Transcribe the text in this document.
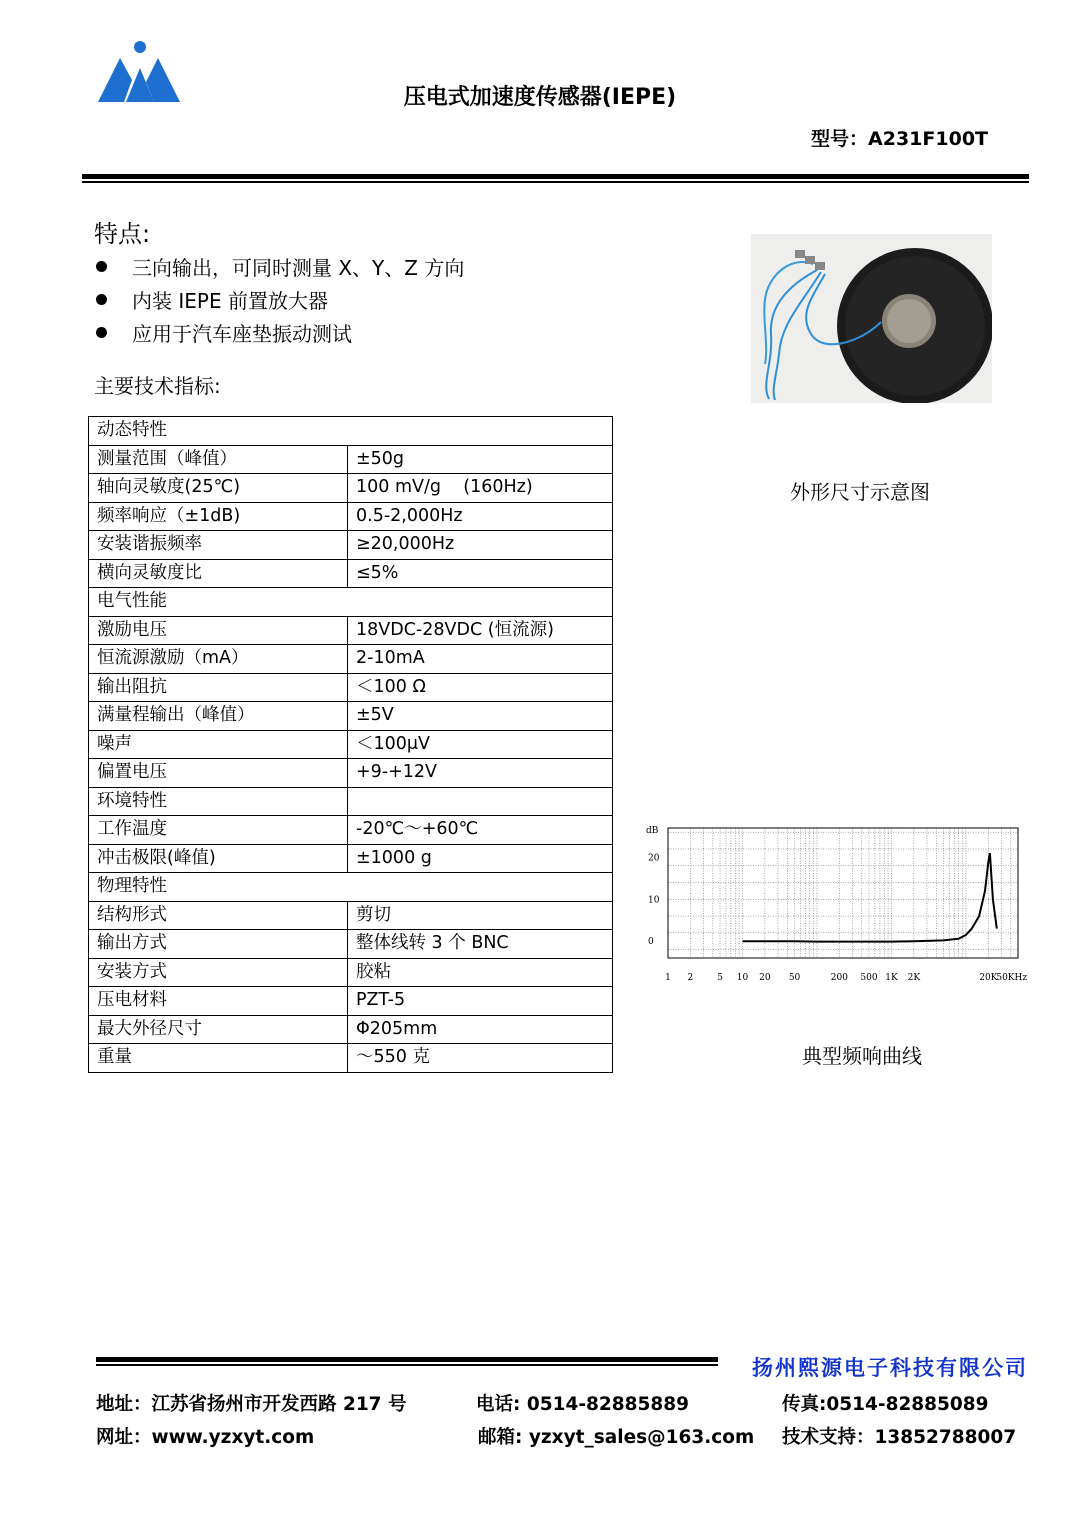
压电式加速度传感器(IEPE)
型号：A231F100T
特点:
三向输出，可同时测量 X、Y、Z 方向
内装 IEPE 前置放大器
应用于汽车座垫振动测试
主要技术指标:
动态特性	
测量范围（峰值）	±50g
轴向灵敏度(25℃)	100 mV/g    (160Hz)
频率响应（±1dB)	0.5-2,000Hz
安装谐振频率	≥20,000Hz
横向灵敏度比	≤5%
电气性能	
激励电压	18VDC-28VDC (恒流源)
恒流源激励（mA）	2-10mA
输出阻抗	＜100 Ω
满量程输出（峰值）	±5V
噪声	＜100μV
偏置电压	+9-+12V
环境特性	
工作温度	-20℃～+60℃
冲击极限(峰值)	±1000 g
物理特性	
结构形式	剪切
输出方式	整体线转 3 个 BNC
安装方式	胶粘
压电材料	PZT-5
最大外径尺寸	Φ205mm
重量	～550 克
外形尺寸示意图
dB
0
10
20
1 2	5 10 20 50	200 500 1K 2K	20K
50KHz
典型频响曲线
扬州熙源电子科技有限公司
地址：江苏省扬州市开发西路 217 号	电话: 0514-82885889	传真:0514-82885089
网址：www.yzxyt.com	邮箱: yzxyt_sales@163.com 技术支持：13852788007
